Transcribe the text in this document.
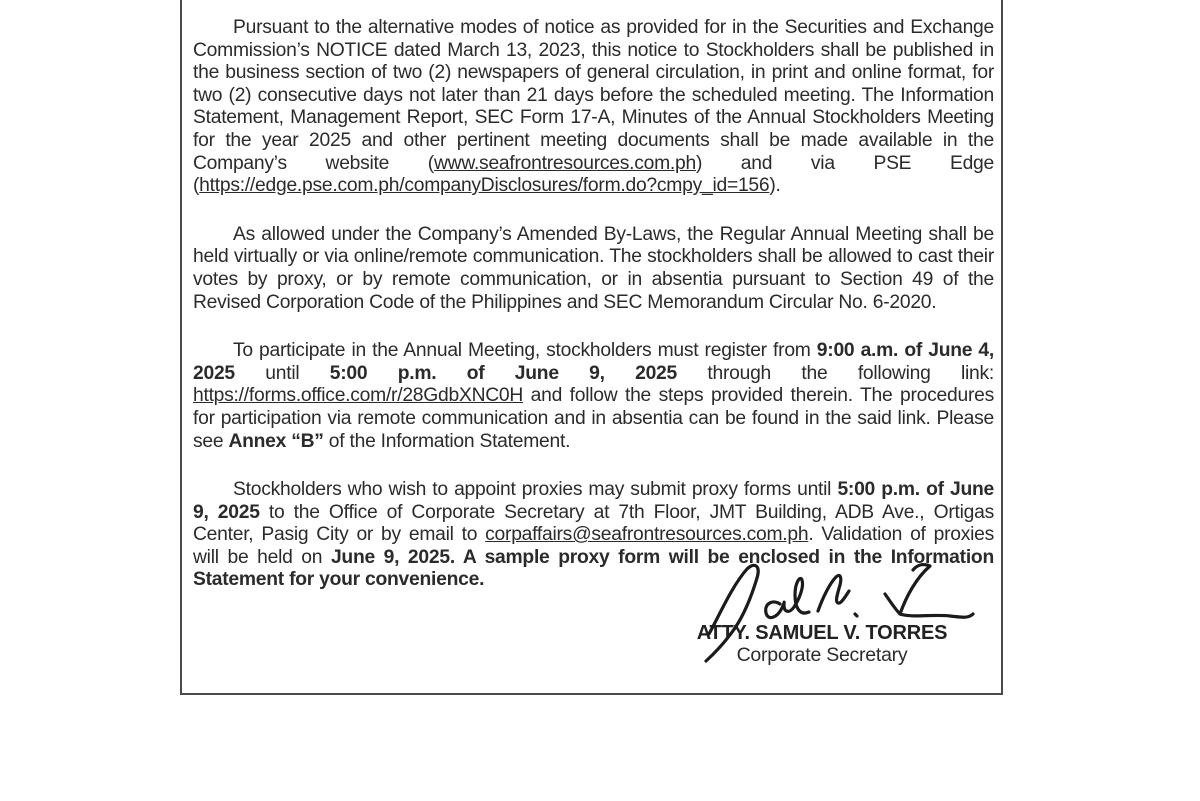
Pursuant to the alternative modes of notice as provided for in the Securities and Exchange Commission’s NOTICE dated March 13, 2023, this notice to Stockholders shall be published in the business section of two (2) newspapers of general circulation, in print and online format, for two (2) consecutive days not later than 21 days before the scheduled meeting. The Information Statement, Management Report, SEC Form 17-A, Minutes of the Annual Stockholders Meeting for the year 2025 and other pertinent meeting documents shall be made available in the Company’s website (www.seafrontresources.com.ph) and via PSE Edge (https://edge.pse.com.ph/companyDisclosures/form.do?cmpy_id=156).

As allowed under the Company’s Amended By-Laws, the Regular Annual Meeting shall be held virtually or via online/remote communication. The stockholders shall be allowed to cast their votes by proxy, or by remote communication, or in absentia pursuant to Section 49 of the Revised Corporation Code of the Philippines and SEC Memorandum Circular No. 6-2020.

To participate in the Annual Meeting, stockholders must register from 9:00 a.m. of June 4, 2025 until 5:00 p.m. of June 9, 2025 through the following link: https://forms.office.com/r/28GdbXNC0H and follow the steps provided therein. The procedures for participation via remote communication and in absentia can be found in the said link. Please see Annex “B” of the Information Statement.

Stockholders who wish to appoint proxies may submit proxy forms until 5:00 p.m. of June 9, 2025 to the Office of Corporate Secretary at 7th Floor, JMT Building, ADB Ave., Ortigas Center, Pasig City or by email to corpaffairs@seafrontresources.com.ph. Validation of proxies will be held on June 9, 2025. A sample proxy form will be enclosed in the Information Statement for your convenience.

ATTY. SAMUEL V. TORRES
Corporate Secretary
